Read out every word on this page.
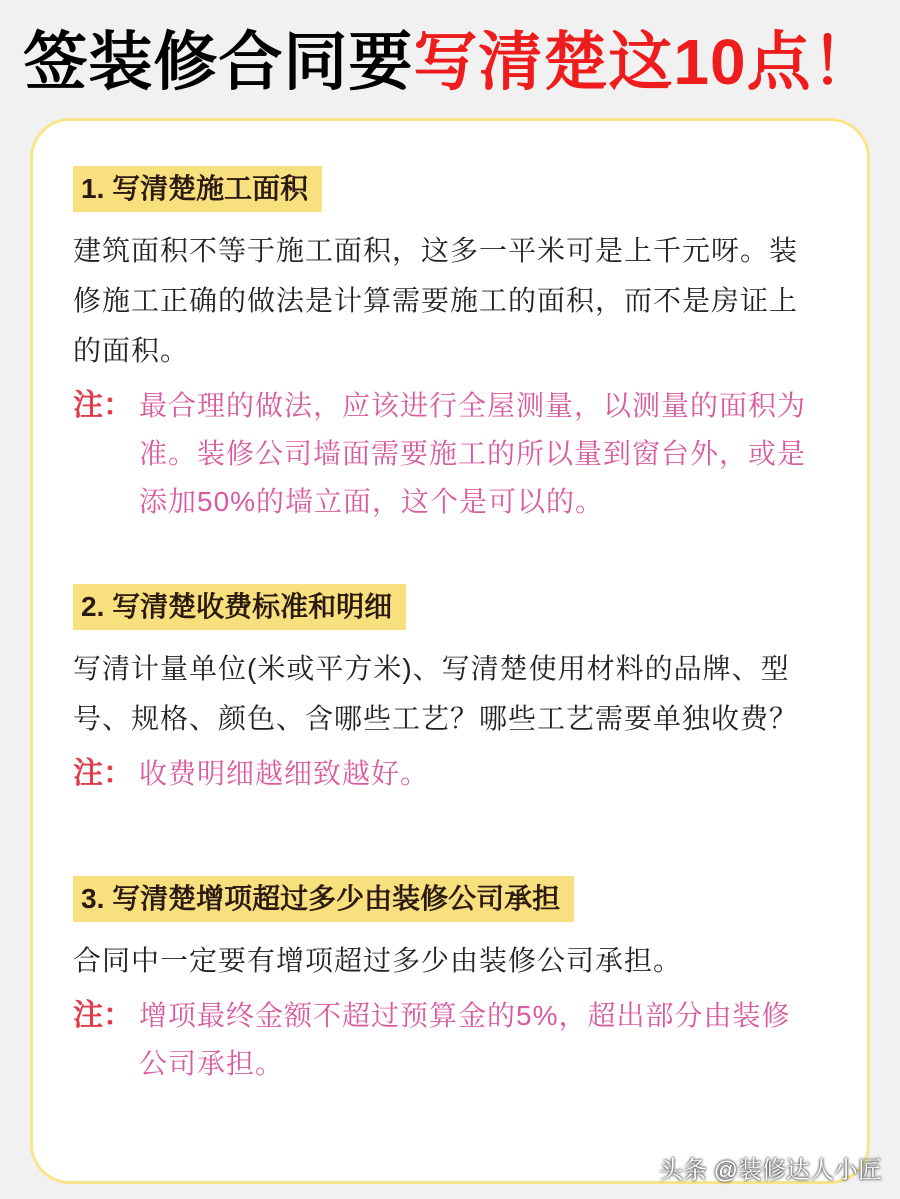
签装修合同要写清楚这10点！
1. 写清楚施工面积
建筑面积不等于施工面积，这多一平米可是上千元呀。装
修施工正确的做法是计算需要施工的面积，而不是房证上
的面积。
注： 最合理的做法，应该进行全屋测量，以测量的面积为
准。装修公司墙面需要施工的所以量到窗台外，或是
添加50%的墙立面，这个是可以的。
2. 写清楚收费标准和明细
写清计量单位(米或平方米)、写清楚使用材料的品牌、型
号、规格、颜色、含哪些工艺？哪些工艺需要单独收费？
注： 收费明细越细致越好。
3. 写清楚增项超过多少由装修公司承担
合同中一定要有增项超过多少由装修公司承担。
注： 增项最终金额不超过预算金的5%，超出部分由装修
公司承担。
头条 @装修达人小匠
